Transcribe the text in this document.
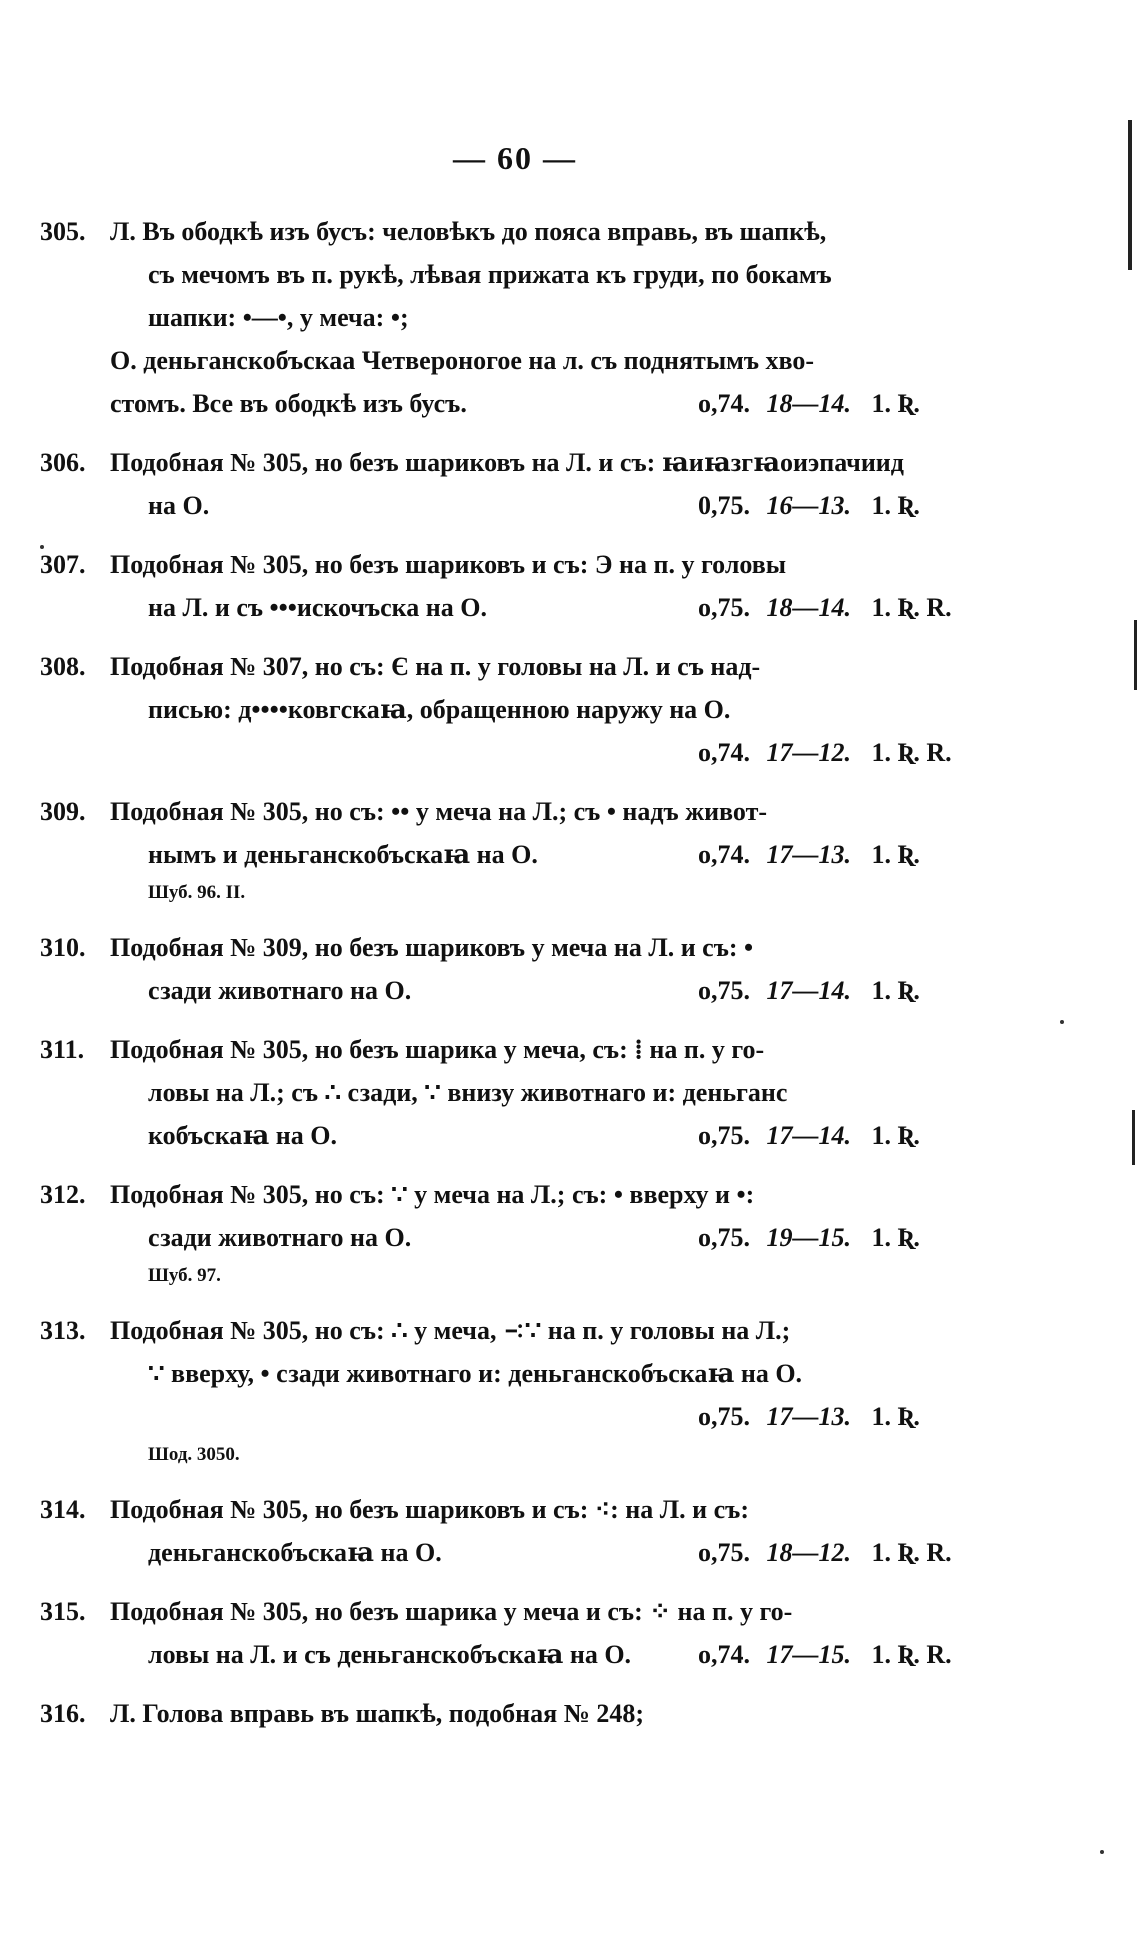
— 60 —
305. Л. Въ ободкѣ изъ бусъ: человѣкъ до пояса вправь, въ шапкѣ,
съ мечомъ въ п. рукѣ, лѣвая прижата къ груди, по бокамъ
шапки: •—•, у меча: •;
О. деньганскобъскаа Четвероногое на л. съ поднятымъ хво-
стомъ. Все въ ободкѣ изъ бусъ.	о,74. 18—14. 1. Ʀ.
306. Подобная № 305, но безъ шариковъ на Л. и съ: ꙗиꙗзгꙗоиэпачиид
на О.	0,75. 16—13. 1. Ʀ.
307. Подобная № 305, но безъ шариковъ и съ: Э на п. у головы
на Л. и съ •••искочъска на О.	о,75. 18—14. 1. Ʀ. R.
308. Подобная № 307, но съ: Є на п. у головы на Л. и съ над-
писью: д••••ковгскаꙗ, обращенною наружу на О.
о,74. 17—12. 1. Ʀ. R.
309. Подобная № 305, но съ: •• у меча на Л.; съ • надъ живот-
нымъ и деньганскобъскаꙗ на О.	о,74. 17—13. 1. Ʀ.
Шуб. 96. II.
310. Подобная № 309, но безъ шариковъ у меча на Л. и съ: •
сзади животнаго на О.	о,75. 17—14. 1. Ʀ.
311. Подобная № 305, но безъ шарика у меча, съ: ⁞ на п. у го-
ловы на Л.; съ ∴ сзади, ∵ внизу животнаго и: деньганс
кобъскаꙗ на О.	о,75. 17—14. 1. Ʀ.
312. Подобная № 305, но съ: ∵ у меча на Л.; съ: • вверху и •:
сзади животнаго на О.	о,75. 19—15. 1. Ʀ.
Шуб. 97.
313. Подобная № 305, но съ: ∴ у меча, ∹∵ на п. у головы на Л.;
∵ вверху, • сзади животнаго и: деньганскобъскаꙗ на О.
о,75. 17—13. 1. Ʀ.
Шод. 3050.
314. Подобная № 305, но безъ шариковъ и съ: ⁖: на Л. и съ:
деньганскобъскаꙗ на О.	о,75. 18—12. 1. Ʀ. R.
315. Подобная № 305, но безъ шарика у меча и съ: ⁘ на п. у го-
ловы на Л. и съ деньганскобъскаꙗ на О.	о,74. 17—15. 1. Ʀ. R.
316. Л. Голова вправь въ шапкѣ, подобная № 248;
